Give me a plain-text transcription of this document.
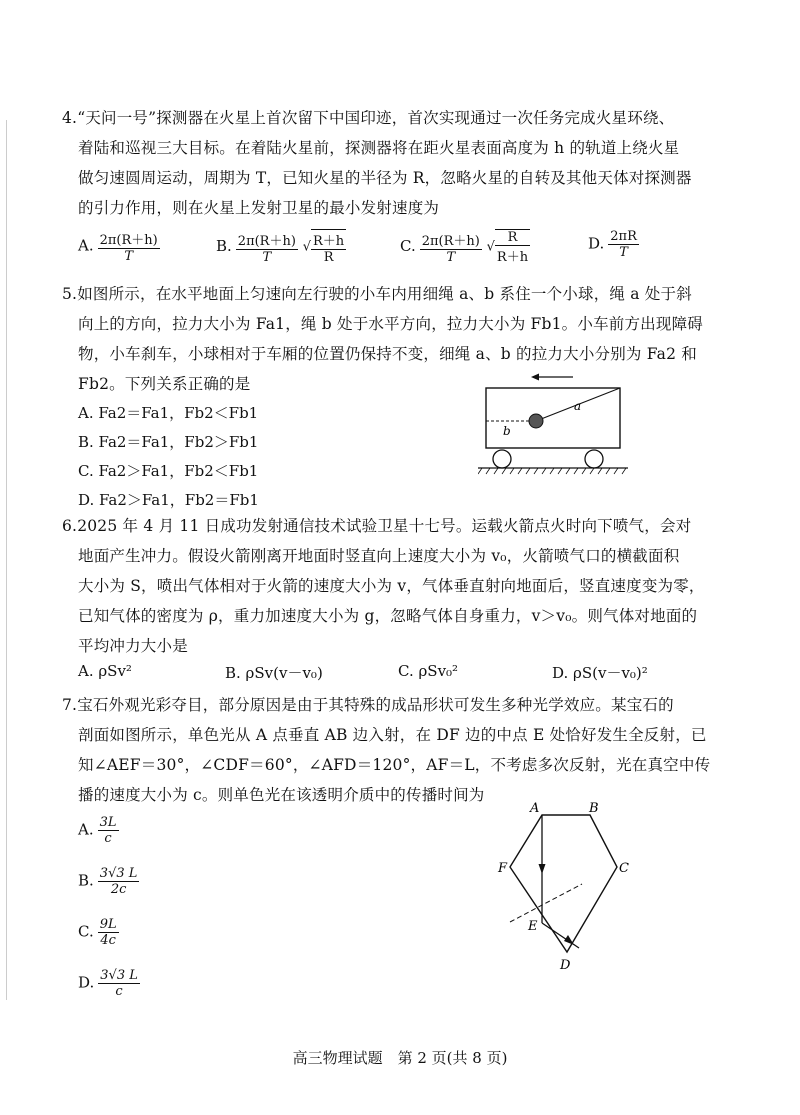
4.“天问一号”探测器在火星上首次留下中国印迹，首次实现通过一次任务完成火星环绕、
着陆和巡视三大目标。在着陆火星前，探测器将在距火星表面高度为 h 的轨道上绕火星
做匀速圆周运动，周期为 T，已知火星的半径为 R，忽略火星的自转及其他天体对探测器
的引力作用，则在火星上发射卫星的最小发射速度为
A. $\frac{2\pi(R+h)}{T}$	B. $\frac{2\pi(R+h)}{T}$ √ $\frac{R+h}{R}$	C. $\frac{2\pi(R+h)}{T}$ √ $\frac{R}{R+h}$	D. $\frac{2\pi R}{T}$
5.如图所示，在水平地面上匀速向左行驶的小车内用细绳 a、b 系住一个小球，绳 a 处于斜
向上的方向，拉力大小为 Fa1，绳 b 处于水平方向，拉力大小为 Fb1。小车前方出现障碍
物，小车刹车，小球相对于车厢的位置仍保持不变，细绳 a、b 的拉力大小分别为 Fa2 和
Fb2。下列关系正确的是
A. Fa2＝Fa1，Fb2＜Fb1
B. Fa2＝Fa1，Fb2＞Fb1
C. Fa2＞Fa1，Fb2＜Fb1
D. Fa2＞Fa1，Fb2＝Fb1
a
b
6.2025 年 4 月 11 日成功发射通信技术试验卫星十七号。运载火箭点火时向下喷气，会对
地面产生冲力。假设火箭刚离开地面时竖直向上速度大小为 v₀，火箭喷气口的横截面积
大小为 S，喷出气体相对于火箭的速度大小为 v，气体垂直射向地面后，竖直速度变为零，
已知气体的密度为 ρ，重力加速度大小为 g，忽略气体自身重力，v＞v₀。则气体对地面的
平均冲力大小是
A. ρSv²	B. ρSv(v－v₀)	C. ρSv₀²	D. ρS(v－v₀)²
7.宝石外观光彩夺目，部分原因是由于其特殊的成品形状可发生多种光学效应。某宝石的
剖面如图所示，单色光从 A 点垂直 AB 边入射，在 DF 边的中点 E 处恰好发生全反射，已
知∠AEF＝30°，∠CDF＝60°，∠AFD＝120°，AF＝L，不考虑多次反射，光在真空中传
播的速度大小为 c。则单色光在该透明介质中的传播时间为
A. $\frac{3L}{c}$
B. $\frac{3√3 L}{2c}$
C. $\frac{9L}{4c}$
D. $\frac{3√3 L}{c}$
A	B
C
D
E
F
高三物理试题　第 2 页(共 8 页)
